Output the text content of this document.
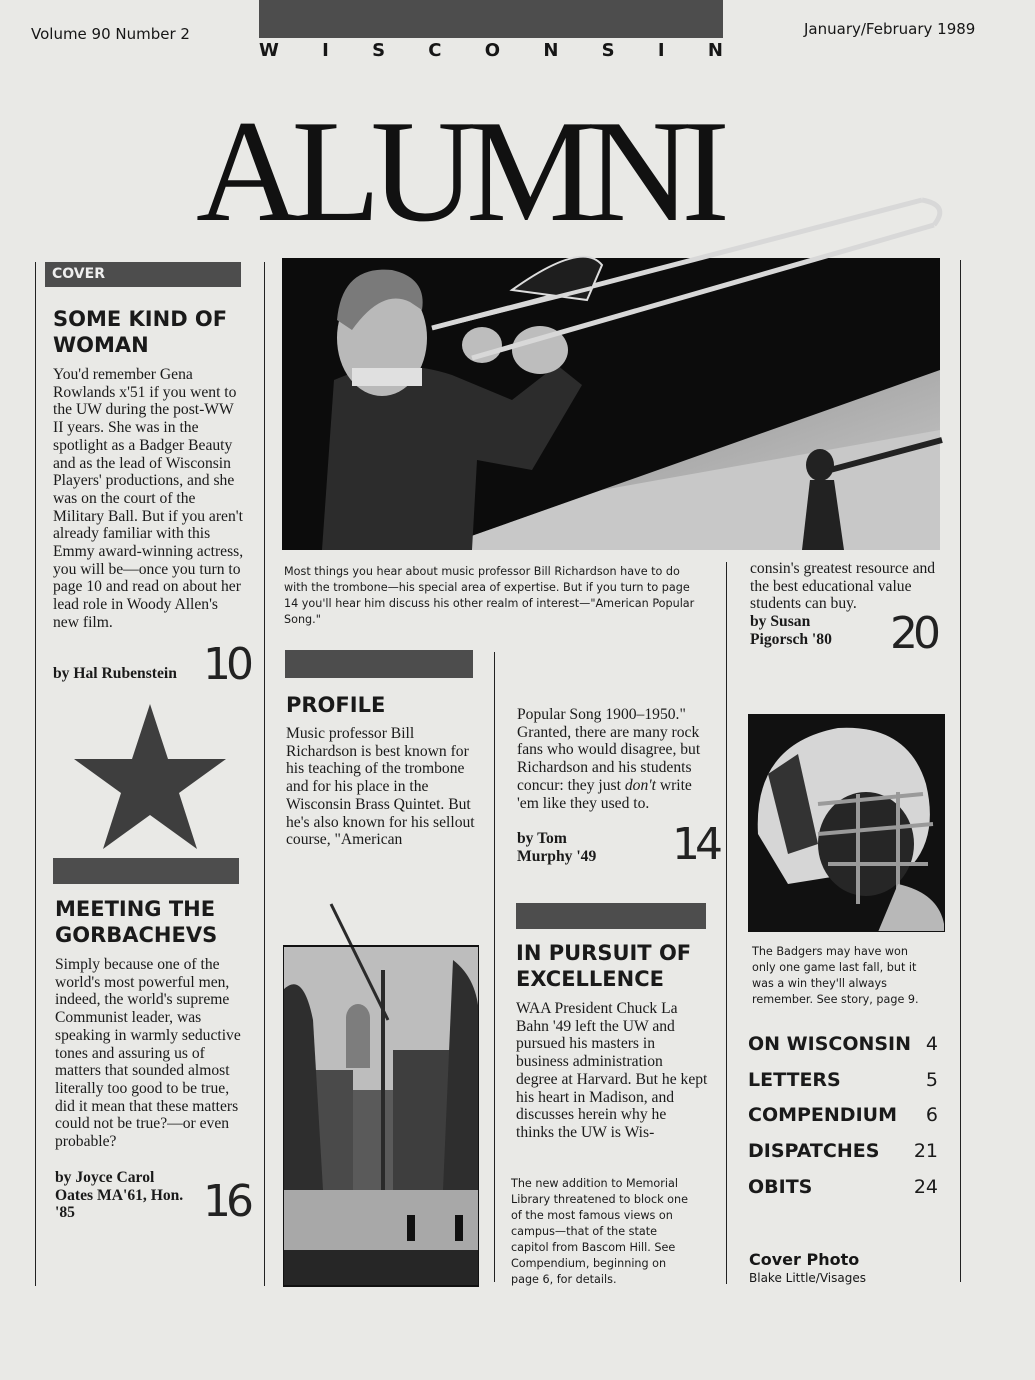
Volume 90 Number 2	January/February 1989
W I S C O N S I N
ALUMNI
COVER
SOME KIND OF WOMAN
You'd remember Gena Rowlands x'51 if you went to the UW during the post-WW II years. She was in the spotlight as a Badger Beauty and as the lead of Wisconsin Players' productions, and she was on the court of the Military Ball. But if you aren't already familiar with this Emmy award-winning actress, you will be—once you turn to page 10 and read on about her lead role in Woody Allen's new film.
by Hal Rubenstein 10
MEETING THE GORBACHEVS
Simply because one of the world's most powerful men, indeed, the world's supreme Communist leader, was speaking in warmly seductive tones and assuring us of matters that sounded almost literally too good to be true, did it mean that these matters could not be true?—or even probable?
by Joyce Carol Oates MA'61, Hon. '85	16
Most things you hear about music professor Bill Richardson have to do with the trombone—his special area of expertise. But if you turn to page 14 you'll hear him discuss his other realm of interest—"American Popular Song."
PROFILE
Music professor Bill Richardson is best known for his teaching of the trombone and for his place in the Wisconsin Brass Quintet. But he's also known for his sellout course, "American
Popular Song 1900–1950." Granted, there are many rock fans who would disagree, but Richardson and his students concur: they just don't write 'em like they used to.
by Tom Murphy '49	14
IN PURSUIT OF EXCELLENCE
WAA President Chuck La Bahn '49 left the UW and pursued his masters in business administration degree at Harvard. But he kept his heart in Madison, and discusses herein why he thinks the UW is Wis-
The new addition to Memorial Library threatened to block one of the most famous views on campus—that of the state capitol from Bascom Hill. See Compendium, beginning on page 6, for details.
consin's greatest resource and the best educational value students can buy.
by Susan Pigorsch '80	20
The Badgers may have won only one game last fall, but it was a win they'll always remember. See story, page 9.
ON WISCONSIN 4
LETTERS	5
COMPENDIUM 6
DISPATCHES 21
OBITS	24
Cover Photo
Blake Little/Visages
